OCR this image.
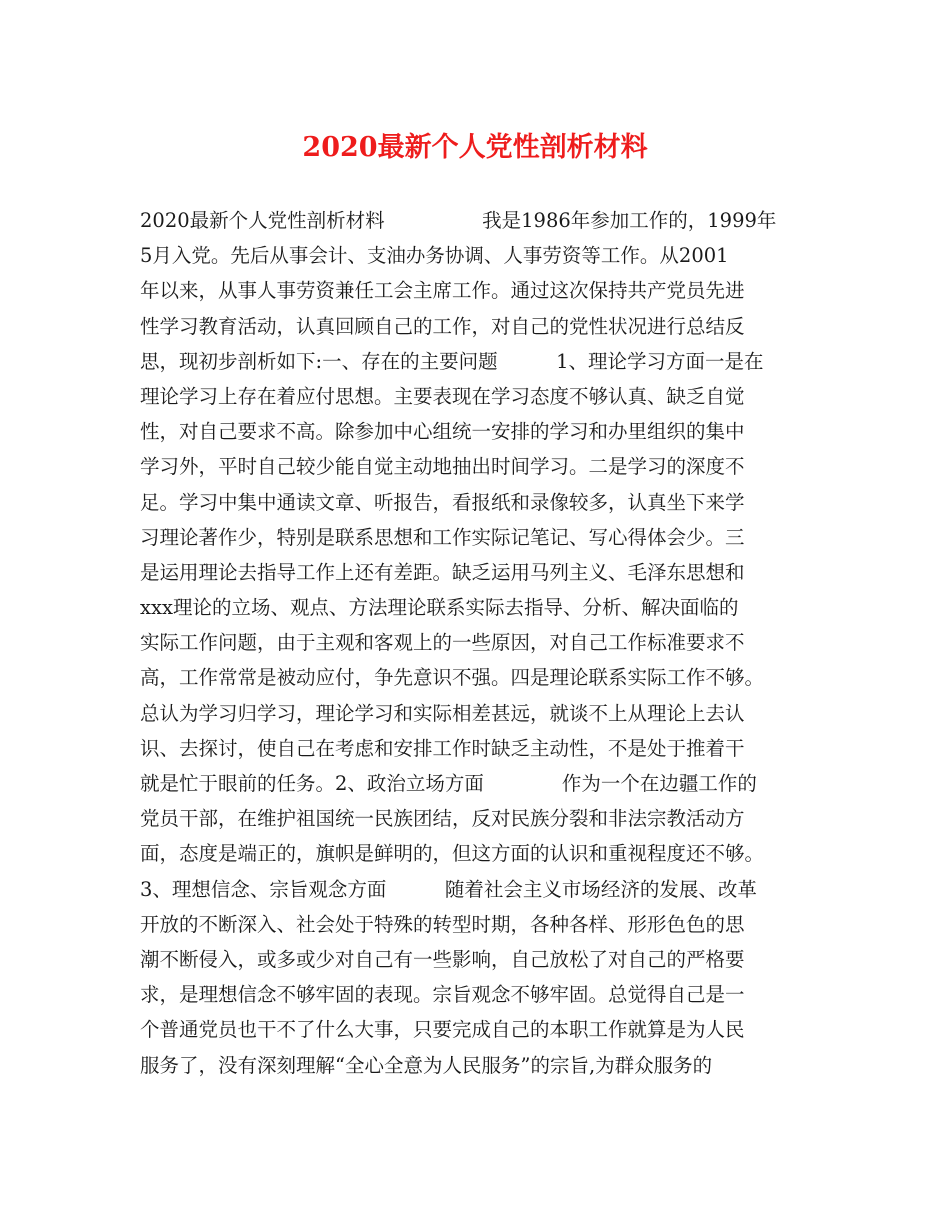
2020最新个人党性剖析材料
2020最新个人党性剖析材料　　　　　我是1986年参加工作的，1999年
5月入党。先后从事会计、支油办务协调、人事劳资等工作。从2001
年以来，从事人事劳资兼任工会主席工作。通过这次保持共产党员先进
性学习教育活动，认真回顾自己的工作，对自己的党性状况进行总结反
思，现初步剖析如下:一、存在的主要问题　　　1、理论学习方面一是在
理论学习上存在着应付思想。主要表现在学习态度不够认真、缺乏自觉
性，对自己要求不高。除参加中心组统一安排的学习和办里组织的集中
学习外，平时自己较少能自觉主动地抽出时间学习。二是学习的深度不
足。学习中集中通读文章、听报告，看报纸和录像较多，认真坐下来学
习理论著作少，特别是联系思想和工作实际记笔记、写心得体会少。三
是运用理论去指导工作上还有差距。缺乏运用马列主义、毛泽东思想和
xxx理论的立场、观点、方法理论联系实际去指导、分析、解决面临的
实际工作问题，由于主观和客观上的一些原因，对自己工作标准要求不
高，工作常常是被动应付，争先意识不强。四是理论联系实际工作不够。
总认为学习归学习，理论学习和实际相差甚远，就谈不上从理论上去认
识、去探讨，使自己在考虑和安排工作时缺乏主动性，不是处于推着干
就是忙于眼前的任务。2、政治立场方面　　　　作为一个在边疆工作的
党员干部，在维护祖国统一民族团结，反对民族分裂和非法宗教活动方
面，态度是端正的，旗帜是鲜明的，但这方面的认识和重视程度还不够。
3、理想信念、宗旨观念方面　　　随着社会主义市场经济的发展、改革
开放的不断深入、社会处于特殊的转型时期，各种各样、形形色色的思
潮不断侵入，或多或少对自己有一些影响，自己放松了对自己的严格要
求，是理想信念不够牢固的表现。宗旨观念不够牢固。总觉得自己是一
个普通党员也干不了什么大事，只要完成自己的本职工作就算是为人民
服务了，没有深刻理解“全心全意为人民服务”的宗旨,为群众服务的
